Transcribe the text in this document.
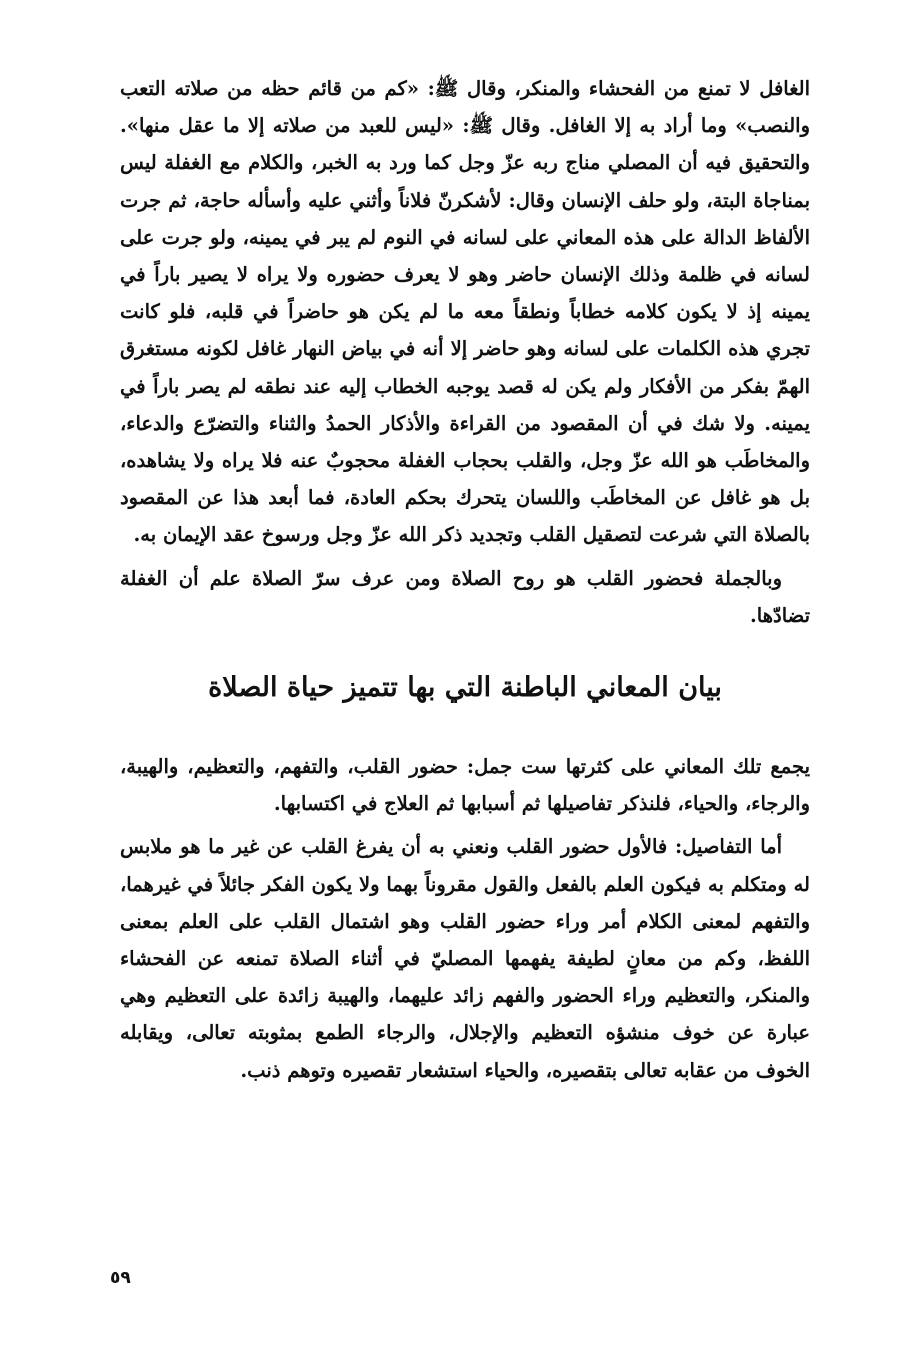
الغافل لا تمنع من الفحشاء والمنكر، وقال ﷺ: «كم من قائم حظه من صلاته التعب والنصب» وما أراد به إلا الغافل. وقال ﷺ: «ليس للعبد من صلاته إلا ما عقل منها». والتحقيق فيه أن المصلي مناج ربه عزّ وجل كما ورد به الخبر، والكلام مع الغفلة ليس بمناجاة البتة، ولو حلف الإنسان وقال: لأشكرنّ فلاناً وأثني عليه وأسأله حاجة، ثم جرت الألفاظ الدالة على هذه المعاني على لسانه في النوم لم يبر في يمينه، ولو جرت على لسانه في ظلمة وذلك الإنسان حاضر وهو لا يعرف حضوره ولا يراه لا يصير باراً في يمينه إذ لا يكون كلامه خطاباً ونطقاً معه ما لم يكن هو حاضراً في قلبه، فلو كانت تجري هذه الكلمات على لسانه وهو حاضر إلا أنه في بياض النهار غافل لكونه مستغرق الهمّ بفكر من الأفكار ولم يكن له قصد يوجبه الخطاب إليه عند نطقه لم يصر باراً في يمينه. ولا شك في أن المقصود من القراءة والأذكار الحمدُ والثناء والتضرّع والدعاء، والمخاطَب هو الله عزّ وجل، والقلب بحجاب الغفلة محجوبٌ عنه فلا يراه ولا يشاهده، بل هو غافل عن المخاطَب واللسان يتحرك بحكم العادة، فما أبعد هذا عن المقصود بالصلاة التي شرعت لتصقيل القلب وتجديد ذكر الله عزّ وجل ورسوخ عقد الإيمان به.

وبالجملة فحضور القلب هو روح الصلاة ومن عرف سرّ الصلاة علم أن الغفلة تضادّها.

بيان المعاني الباطنة التي بها تتميز حياة الصلاة

يجمع تلك المعاني على كثرتها ست جمل: حضور القلب، والتفهم، والتعظيم، والهيبة، والرجاء، والحياء، فلنذكر تفاصيلها ثم أسبابها ثم العلاج في اكتسابها.

أما التفاصيل: فالأول حضور القلب ونعني به أن يفرغ القلب عن غير ما هو ملابس له ومتكلم به فيكون العلم بالفعل والقول مقروناً بهما ولا يكون الفكر جائلاً في غيرهما، والتفهم لمعنى الكلام أمر وراء حضور القلب وهو اشتمال القلب على العلم بمعنى اللفظ، وكم من معانٍ لطيفة يفهمها المصليّ في أثناء الصلاة تمنعه عن الفحشاء والمنكر، والتعظيم وراء الحضور والفهم زائد عليهما، والهيبة زائدة على التعظيم وهي عبارة عن خوف منشؤه التعظيم والإجلال، والرجاء الطمع بمثوبته تعالى، ويقابله الخوف من عقابه تعالى بتقصيره، والحياء استشعار تقصيره وتوهم ذنب.

٥٩
